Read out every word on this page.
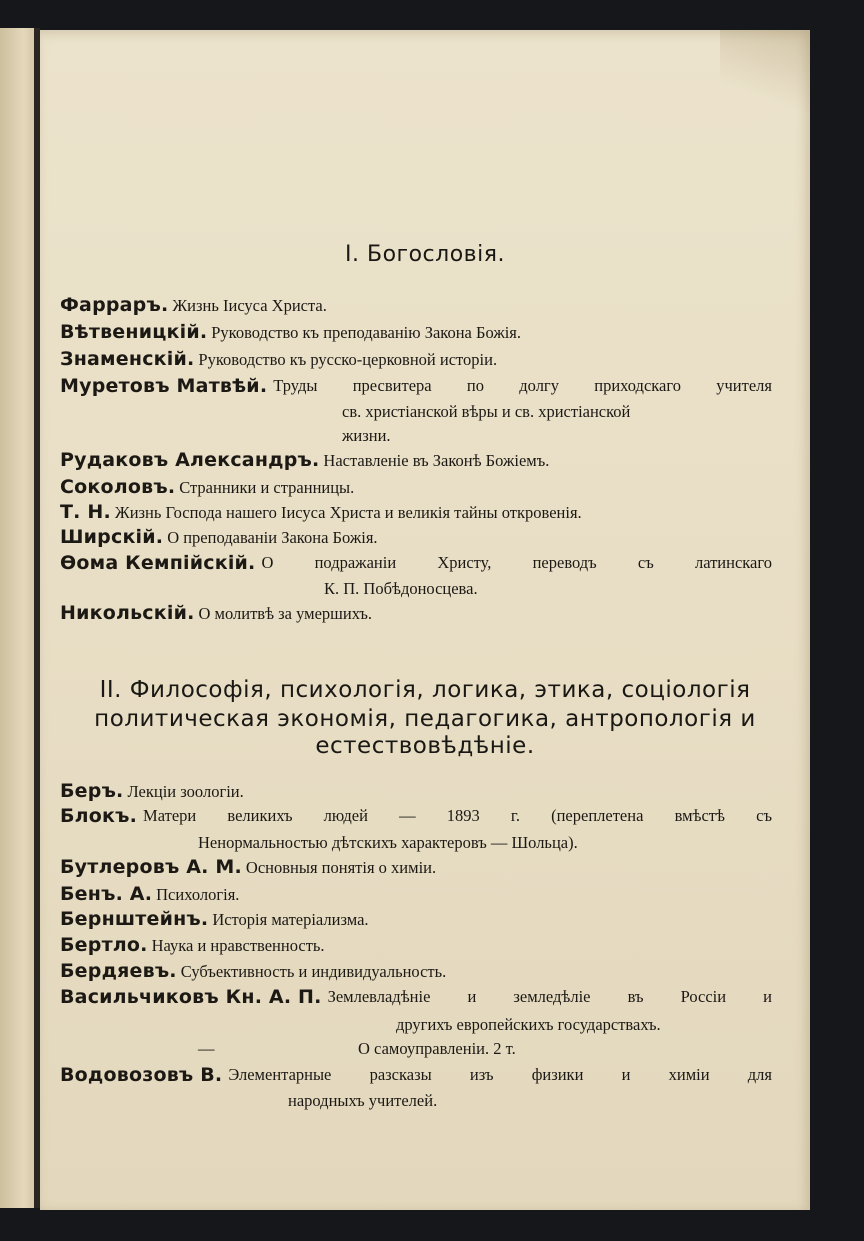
I. Богословія.
Фарраръ. Жизнь Іисуса Христа.
Вѣтвеницкій. Руководство къ преподаванію Закона Божія.
Знаменскій. Руководство къ русско-церковной исторіи.
Муретовъ Матвѣй. Труды пресвитера по долгу приходскаго учителя
св. христіанской вѣры и св. христіанской
жизни.
Рудаковъ Александръ. Наставленіе въ Законѣ Божіемъ.
Соколовъ. Странники и странницы.
Т. Н. Жизнь Господа нашего Іисуса Христа и великія тайны откровенія.
Ширскій. О преподаваніи Закона Божія.
Ѳома Кемпійскій. О подражаніи Христу, переводъ съ латинскаго
К. П. Побѣдоносцева.
Никольскій. О молитвѣ за умершихъ.
II. Философія, психологія, логика, этика, соціологія
политическая экономія, педагогика, антропологія и
естествовѣдѣніе.
Беръ. Лекціи зоологіи.
Блокъ. Матери великихъ людей — 1893 г. (переплетена вмѣстѣ съ
Ненормальностью дѣтскихъ характеровъ — Шольца).
Бутлеровъ А. М. Основныя понятія о химіи.
Бенъ. А. Психологія.
Бернштейнъ. Исторія матеріализма.
Бертло. Наука и нравственность.
Бердяевъ. Субъективность и индивидуальность.
Васильчиковъ Кн. А. П. Землевладѣніе и земледѣліе въ Россіи и
другихъ европейскихъ государствахъ.
—	О самоуправленіи. 2 т.
Водовозовъ В. Элементарные разсказы изъ физики и химіи для
народныхъ учителей.
